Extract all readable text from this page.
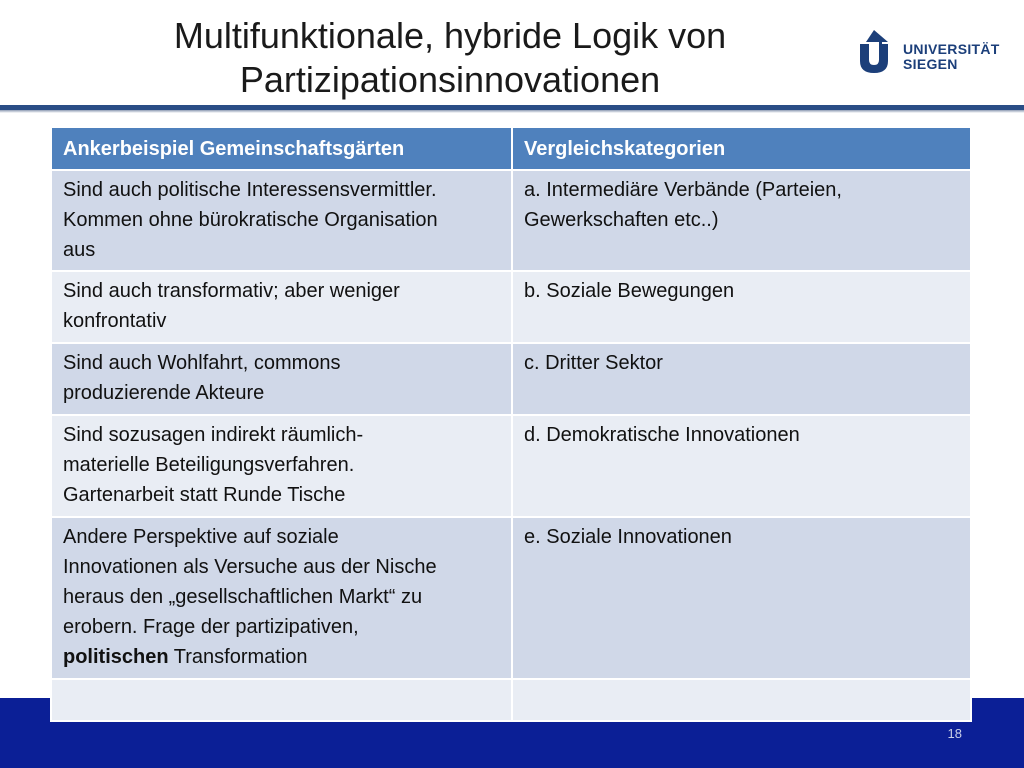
Multifunktionale, hybride Logik von
Partizipationsinnovationen
UNIVERSITÄT
SIEGEN
Ankerbeispiel Gemeinschaftsgärten	Vergleichskategorien

Sind auch politische Interessensvermittler.
Kommen ohne bürokratische Organisation
aus	a. Intermediäre Verbände (Parteien,
Gewerkschaften etc..)

Sind auch transformativ; aber weniger
konfrontativ	b. Soziale Bewegungen

Sind auch Wohlfahrt, commons
produzierende Akteure	c. Dritter Sektor

Sind sozusagen indirekt räumlich-
materielle Beteiligungsverfahren.
Gartenarbeit statt Runde Tische	d. Demokratische Innovationen

Andere Perspektive auf soziale
Innovationen als Versuche aus der Nische
heraus den „gesellschaftlichen Markt“ zu
erobern. Frage der partizipativen,
politischen Transformation	e. Soziale Innovationen

18
